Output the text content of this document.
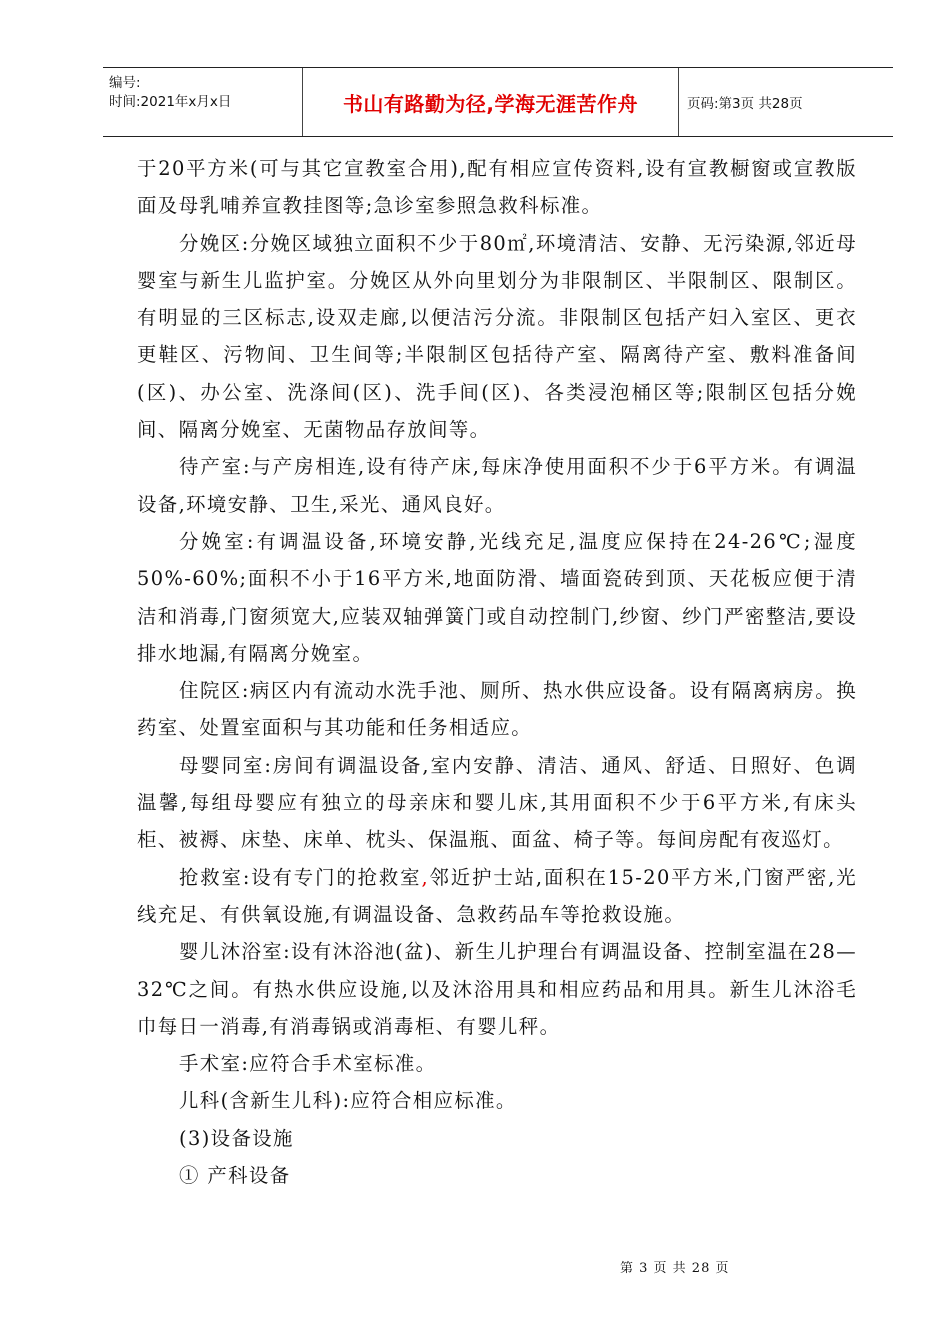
编号:
时间:2021年x月x日	书山有路勤为径,学海无涯苦作舟	页码:第3页 共28页

于20平方米(可与其它宣教室合用),配有相应宣传资料,设有宣教橱窗或宣教版面及母乳哺养宣教挂图等;急诊室参照急救科标准。

分娩区:分娩区域独立面积不少于80㎡,环境清洁、安静、无污染源,邻近母婴室与新生儿监护室。分娩区从外向里划分为非限制区、半限制区、限制区。有明显的三区标志,设双走廊,以便洁污分流。非限制区包括产妇入室区、更衣更鞋区、污物间、卫生间等;半限制区包括待产室、隔离待产室、敷料准备间(区)、办公室、洗涤间(区)、洗手间(区)、各类浸泡桶区等;限制区包括分娩间、隔离分娩室、无菌物品存放间等。

待产室:与产房相连,设有待产床,每床净使用面积不少于6平方米。有调温设备,环境安静、卫生,采光、通风良好。

分娩室:有调温设备,环境安静,光线充足,温度应保持在24-26℃;湿度50%-60%;面积不小于16平方米,地面防滑、墙面瓷砖到顶、天花板应便于清洁和消毒,门窗须宽大,应装双轴弹簧门或自动控制门,纱窗、纱门严密整洁,要设排水地漏,有隔离分娩室。

住院区:病区内有流动水洗手池、厕所、热水供应设备。设有隔离病房。换药室、处置室面积与其功能和任务相适应。

母婴同室:房间有调温设备,室内安静、清洁、通风、舒适、日照好、色调温馨,每组母婴应有独立的母亲床和婴儿床,其用面积不少于6平方米,有床头柜、被褥、床垫、床单、枕头、保温瓶、面盆、椅子等。每间房配有夜巡灯。

抢救室:设有专门的抢救室,邻近护士站,面积在15-20平方米,门窗严密,光线充足、有供氧设施,有调温设备、急救药品车等抢救设施。

婴儿沐浴室:设有沐浴池(盆)、新生儿护理台有调温设备、控制室温在28—32℃之间。有热水供应设施,以及沐浴用具和相应药品和用具。新生儿沐浴毛巾每日一消毒,有消毒锅或消毒柜、有婴儿秤。

手术室:应符合手术室标准。

儿科(含新生儿科):应符合相应标准。

(3)设备设施

① 产科设备

第 3 页 共 28 页
